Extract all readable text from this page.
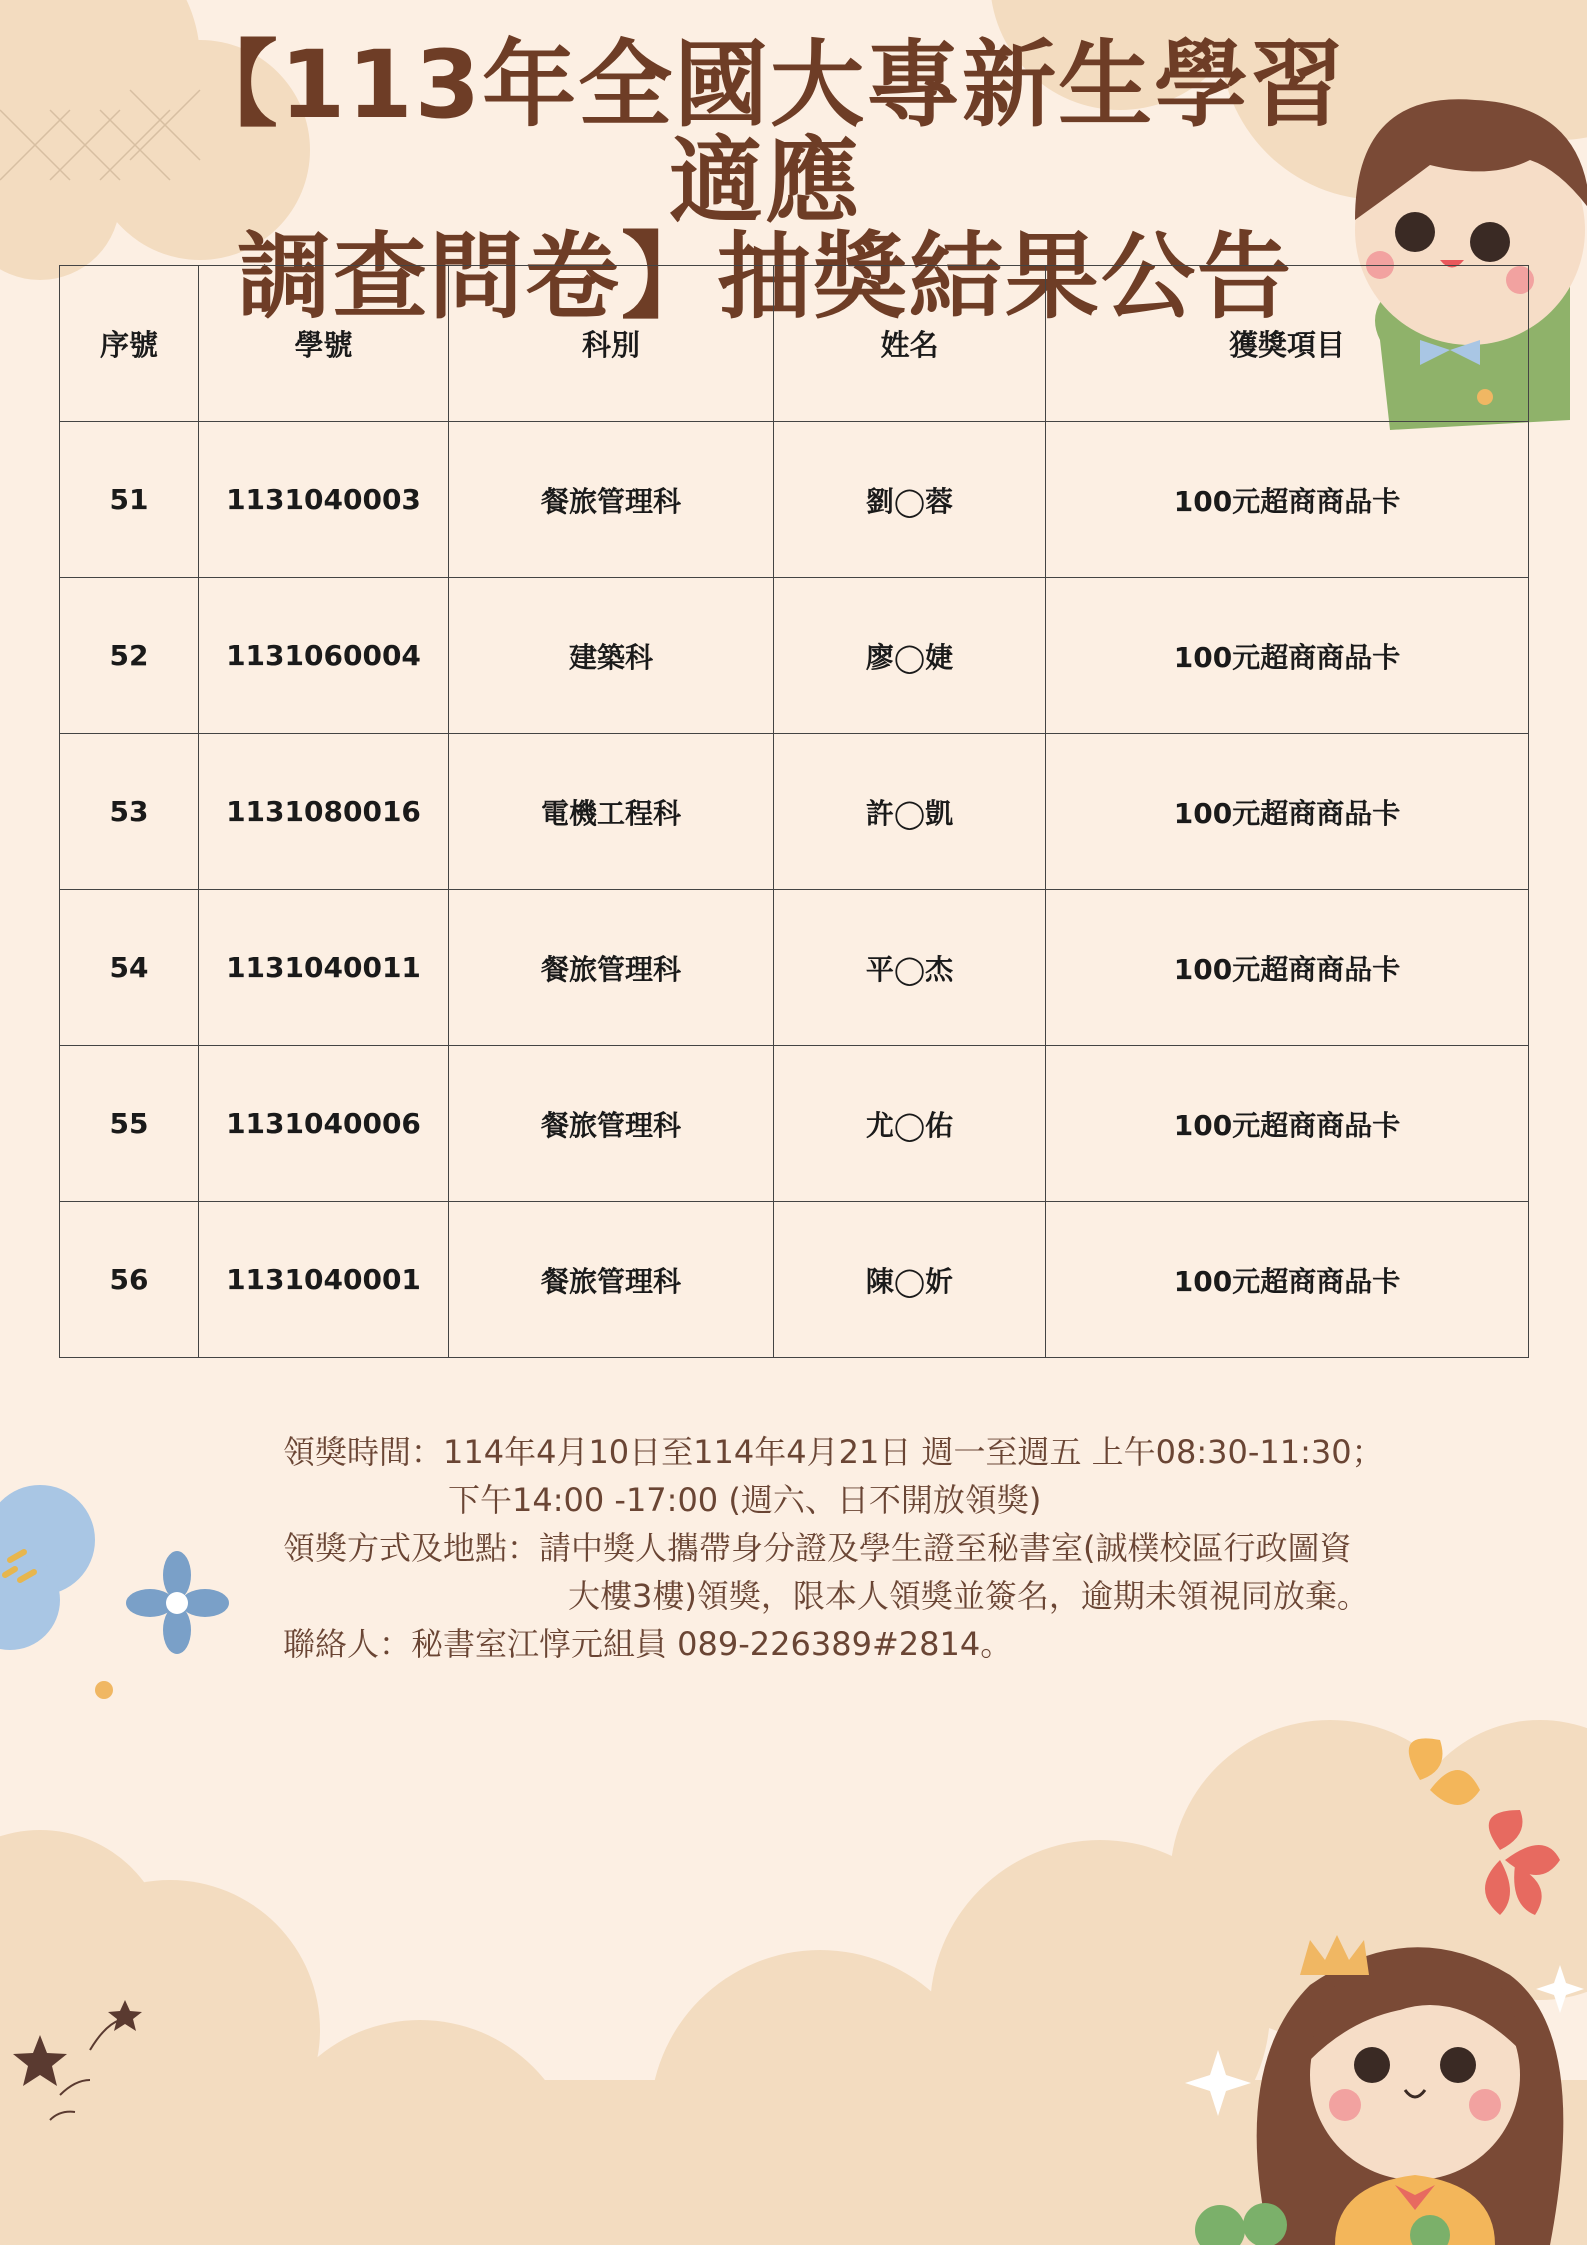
【113年全國大專新生學習適應
調查問卷】抽獎結果公告
序號	學號	科別	姓名	獲獎項目
51	1131040003	餐旅管理科	劉◯蓉	100元超商商品卡
52	1131060004	建築科	廖◯婕	100元超商商品卡
53	1131080016	電機工程科	許◯凱	100元超商商品卡
54	1131040011	餐旅管理科	平◯杰	100元超商商品卡
55	1131040006	餐旅管理科	尤◯佑	100元超商商品卡
56	1131040001	餐旅管理科	陳◯妡	100元超商商品卡
領獎時間：114年4月10日至114年4月21日 週一至週五 上午08:30-11:30；
下午14:00 -17:00 (週六、日不開放領獎)
領獎方式及地點：請中獎人攜帶身分證及學生證至秘書室(誠樸校區行政圖資
大樓3樓)領獎，限本人領獎並簽名，逾期未領視同放棄。
聯絡人：秘書室江惇元組員 089-226389#2814。
